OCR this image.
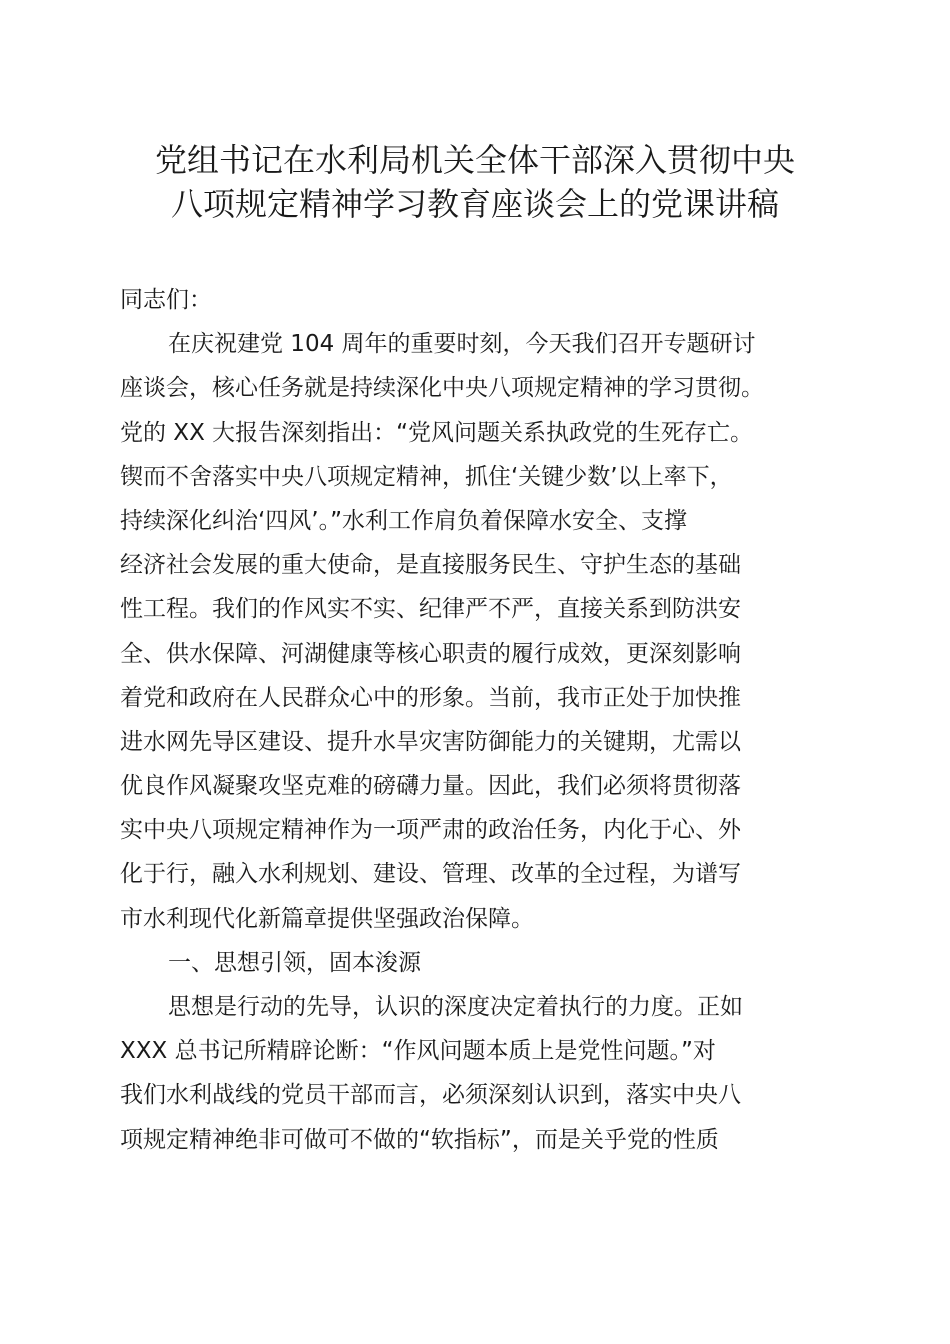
党组书记在水利局机关全体干部深入贯彻中央
八项规定精神学习教育座谈会上的党课讲稿
同志们：
在庆祝建党 104 周年的重要时刻，今天我们召开专题研讨
座谈会，核心任务就是持续深化中央八项规定精神的学习贯彻。
党的 XX 大报告深刻指出：“党风问题关系执政党的生死存亡。
锲而不舍落实中央八项规定精神，抓住‘关键少数’以上率下，
持续深化纠治‘四风’。”水利工作肩负着保障水安全、支撑
经济社会发展的重大使命，是直接服务民生、守护生态的基础
性工程。我们的作风实不实、纪律严不严，直接关系到防洪安
全、供水保障、河湖健康等核心职责的履行成效，更深刻影响
着党和政府在人民群众心中的形象。当前，我市正处于加快推
进水网先导区建设、提升水旱灾害防御能力的关键期，尤需以
优良作风凝聚攻坚克难的磅礴力量。因此，我们必须将贯彻落
实中央八项规定精神作为一项严肃的政治任务，内化于心、外
化于行，融入水利规划、建设、管理、改革的全过程，为谱写
市水利现代化新篇章提供坚强政治保障。
一、思想引领，固本浚源
思想是行动的先导，认识的深度决定着执行的力度。正如
XXX 总书记所精辟论断：“作风问题本质上是党性问题。”对
我们水利战线的党员干部而言，必须深刻认识到，落实中央八
项规定精神绝非可做可不做的“软指标”，而是关乎党的性质
